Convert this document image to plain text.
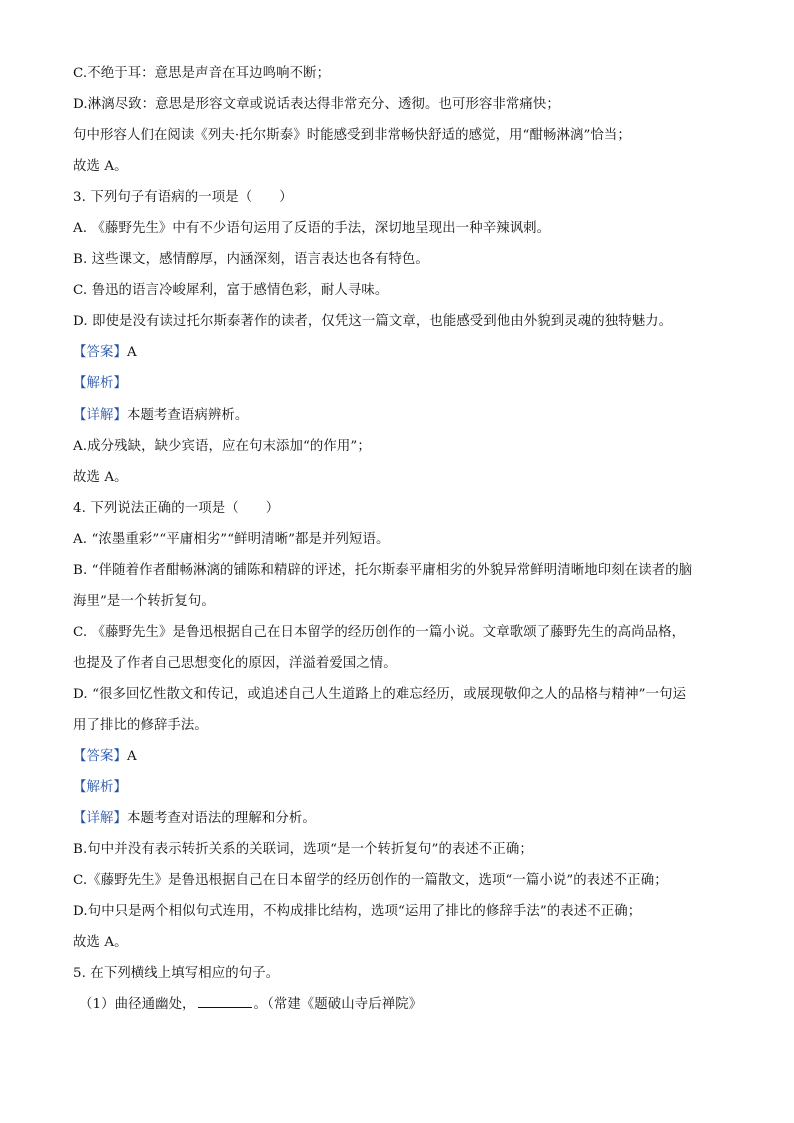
C.不绝于耳：意思是声音在耳边鸣响不断；
D.淋漓尽致：意思是形容文章或说话表达得非常充分、透彻。也可形容非常痛快；
句中形容人们在阅读《列夫·托尔斯泰》时能感受到非常畅快舒适的感觉，用“酣畅淋漓”恰当；
故选 A。
3. 下列句子有语病的一项是（　　）
A. 《藤野先生》中有不少语句运用了反语的手法，深切地呈现出一种辛辣讽刺。
B. 这些课文，感情醇厚，内涵深刻，语言表达也各有特色。
C. 鲁迅的语言冷峻犀利，富于感情色彩，耐人寻味。
D. 即使是没有读过托尔斯泰著作的读者，仅凭这一篇文章，也能感受到他由外貌到灵魂的独特魅力。
【答案】A
【解析】
【详解】本题考查语病辨析。
A.成分残缺，缺少宾语，应在句末添加“的作用”；
故选 A。
4. 下列说法正确的一项是（　　）
A. “浓墨重彩”“平庸相劣”“鲜明清晰”都是并列短语。
B. “伴随着作者酣畅淋漓的铺陈和精辟的评述，托尔斯泰平庸相劣的外貌异常鲜明清晰地印刻在读者的脑
海里”是一个转折复句。
C. 《藤野先生》是鲁迅根据自己在日本留学的经历创作的一篇小说。文章歌颂了藤野先生的高尚品格，
也提及了作者自己思想变化的原因，洋溢着爱国之情。
D. “很多回忆性散文和传记，或追述自己人生道路上的难忘经历，或展现敬仰之人的品格与精神”一句运
用了排比的修辞手法。
【答案】A
【解析】
【详解】本题考查对语法的理解和分析。
B.句中并没有表示转折关系的关联词，选项“是一个转折复句”的表述不正确；
C.《藤野先生》是鲁迅根据自己在日本留学的经历创作的一篇散文，选项“一篇小说”的表述不正确；
D.句中只是两个相似句式连用，不构成排比结构，选项“运用了排比的修辞手法”的表述不正确；
故选 A。
5. 在下列横线上填写相应的句子。
（1）曲径通幽处，	。（常建《题破山寺后禅院》
